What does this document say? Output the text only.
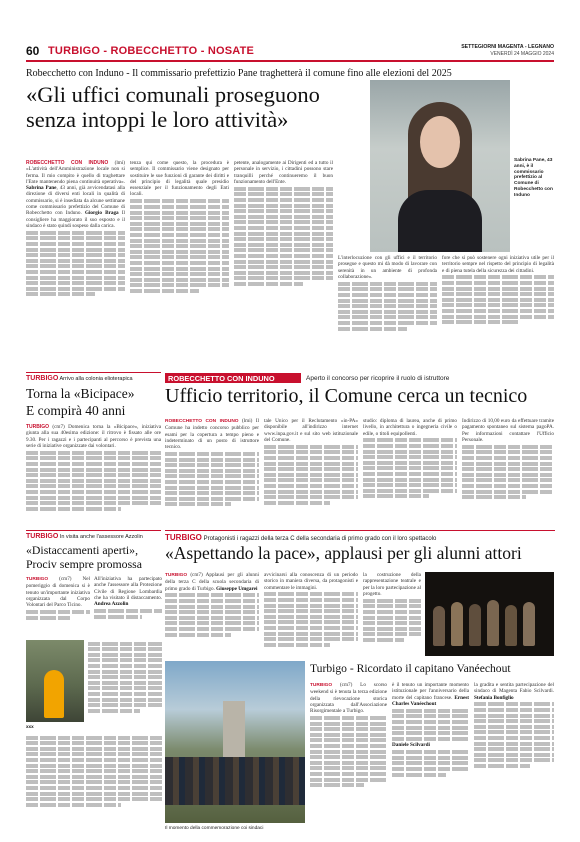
60 TURBIGO - ROBECCHETTO - NOSATE	SETTEGIORNI MAGENTA - LEGNANO
VENERDÌ 24 MAGGIO 2024
Robecchetto con Induno - Il commissario prefettizio Pane traghetterà il comune fino alle elezioni del 2025
«Gli uffici comunali proseguono senza intoppi le loro attività»
ROBECCHETTO CON INDUNO (lmi) «L'attività dell'Amministrazione locale non si ferma. Il mio compito è quello di traghettare l'Ente mantenendo piena continuità operativa». Sabrina Pane, 43 anni, già avvicendatasi alla direzione di diversi enti locali in qualità di commissario, si è insediata da alcune settimane come commissario prefettizio del Comune di Robecchetto con Induno. Giorgio Braga Il consigliere ha maggiorato il suo esposto e il sindaco è stato quindi sospeso dalla carica.
tenza qui come questo, la procedura è semplice. Il commissario viene designato per sostituire le sue funzioni di garante dei diritti e del principio di legalità quale presidio essenziale per il funzionamento degli Enti locali.
petente, analogamente ai Dirigenti ed a tutto il personale in servizio, i cittadini possono stare tranquilli perché continueremo il buon funzionamento dell'Ente.
L'interlocuzione con gli uffici e il territorio prosegue e questo mi dà modo di lavorare con serenità in un ambiente di profonda collaborazione».
Sabrina Pane, 43 anni, è il commissario prefettizio al Comune di Robecchetto con Induno
fore che si può sostenere ogni iniziativa utile per il territorio sempre nel rispetto del principio di legalità e di piena tutela della sicurezza dei cittadini.
TURBIGO Arrivo alla colonia elioterapica
Torna la «Bicipace»
E compirà 40 anni
TURBIGO (cm7) Domenica torna la «Bicipace», iniziativa giunta alla sua 40esima edizione: il ritrovo è fissato alle ore 9.30. Per i ragazzi e i partecipanti al percorso è prevista una serie di iniziative organizzate dai volontari.
ROBECCHETTO CON INDUNO	Aperto il concorso per ricoprire il ruolo di istruttore
Ufficio territorio, il Comune cerca un tecnico
ROBECCHETTO CON INDUNO (lmi) Il Comune ha indetto concorso pubblico per esami per la copertura a tempo pieno e indeterminato di un posto di istruttore tecnico.
tale Unico per il Reclutamento «in-PA» disponibile all'indirizzo internet www.inpa.gov.it e sul sito web istituzionale del Comune.
studio: diploma di laurea, anche di primo livello, in architettura o ingegneria civile o edile, o titoli equipollenti.
Indirizzo di 10,00 euro da effettuare tramite pagamento spontaneo sul sistema pagoPA. Per informazioni contattare l'Ufficio Personale.
TURBIGO In visita anche l'assessore Azzolin
«Distaccamenti aperti», Prociv sempre promossa
TURBIGO (cm7) Nel pomeriggio di domenica si è tenuto un'importante iniziativa organizzata dal Corpo Volontari del Parco Ticino.
All'iniziativa ha partecipato anche l'assessore alla Protezione Civile di Regione Lombardia che ha visitato il distaccamento. Andrea Azzolin
xxx
TURBIGO Protagonisti i ragazzi della terza C della secondaria di primo grado con il loro spettacolo
«Aspettando la pace», applausi per gli alunni attori
TURBIGO (cm7) Applausi per gli alunni della terza C della scuola secondaria di primo grado di Turbigo. Giuseppe Umgarei
avvicinarsi alla conoscenza di un periodo storico in maniera diversa, da protagonisti e commentare le immagini.
la costruzione della rappresentazione teatrale e per la loro partecipazione al progetto.
Il momento della commemorazione coi sindaci
Turbigo - Ricordato il capitano Vanéechout
TURBIGO (cm7) Lo scorso weekend si è tenuta la terza edizione della rievocazione storica organizzata dall'Associazione Risorgimentale a Turbigo.
è il tenuto un importante momento istituzionale per l'anniversario della morte del capitano francese. Ernest Charles Vanéechout
Daniele Scilvardi
la gradita e sentita partecipazione del sindaco di Magenta Fabio Scilvardi. Stefania Bonfiglio
